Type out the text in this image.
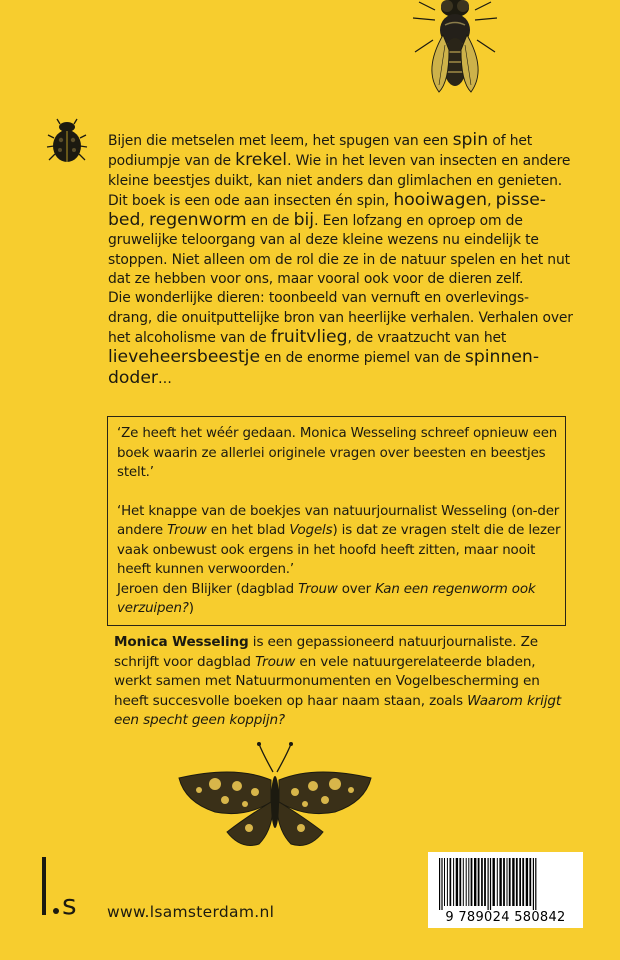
Bijen die metselen met leem, het spugen van een spin of het podiumpje van de krekel. Wie in het leven van insecten en andere kleine beestjes duikt, kan niet anders dan glimlachen en genieten.

Dit boek is een ode aan insecten én spin, hooiwagen, pisse-bed, regenworm en de bij. Een lofzang en oproep om de gruwelijke teloorgang van al deze kleine wezens nu eindelijk te stoppen. Niet alleen om de rol die ze in de natuur spelen en het nut dat ze hebben voor ons, maar vooral ook voor de dieren zelf.

Die wonderlijke dieren: toonbeeld van vernuft en overlevings-drang, die onuitputtelijke bron van heerlijke verhalen. Verhalen over het alcoholisme van de fruitvlieg, de vraatzucht van het lieveheersbeestje en de enorme piemel van de spinnen-doder…

‘Ze heeft het wéér gedaan. Monica Wesseling schreef opnieuw een boek waarin ze allerlei originele vragen over beesten en beestjes stelt.’

‘Het knappe van de boekjes van natuurjournalist Wesseling (on-der andere Trouw en het blad Vogels) is dat ze vragen stelt die de lezer vaak onbewust ook ergens in het hoofd heeft zitten, maar nooit heeft kunnen verwoorden.’

Jeroen den Blijker (dagblad Trouw over Kan een regenworm ook verzuipen?)

Monica Wesseling is een gepassioneerd natuurjournaliste. Ze schrijft voor dagblad Trouw en vele natuurgerelateerde bladen, werkt samen met Natuurmonumenten en Vogelbescherming en heeft succesvolle boeken op haar naam staan, zoals Waarom krijgt een specht geen koppijn?

s www.lsamsterdam.nl	9 789024 580842
